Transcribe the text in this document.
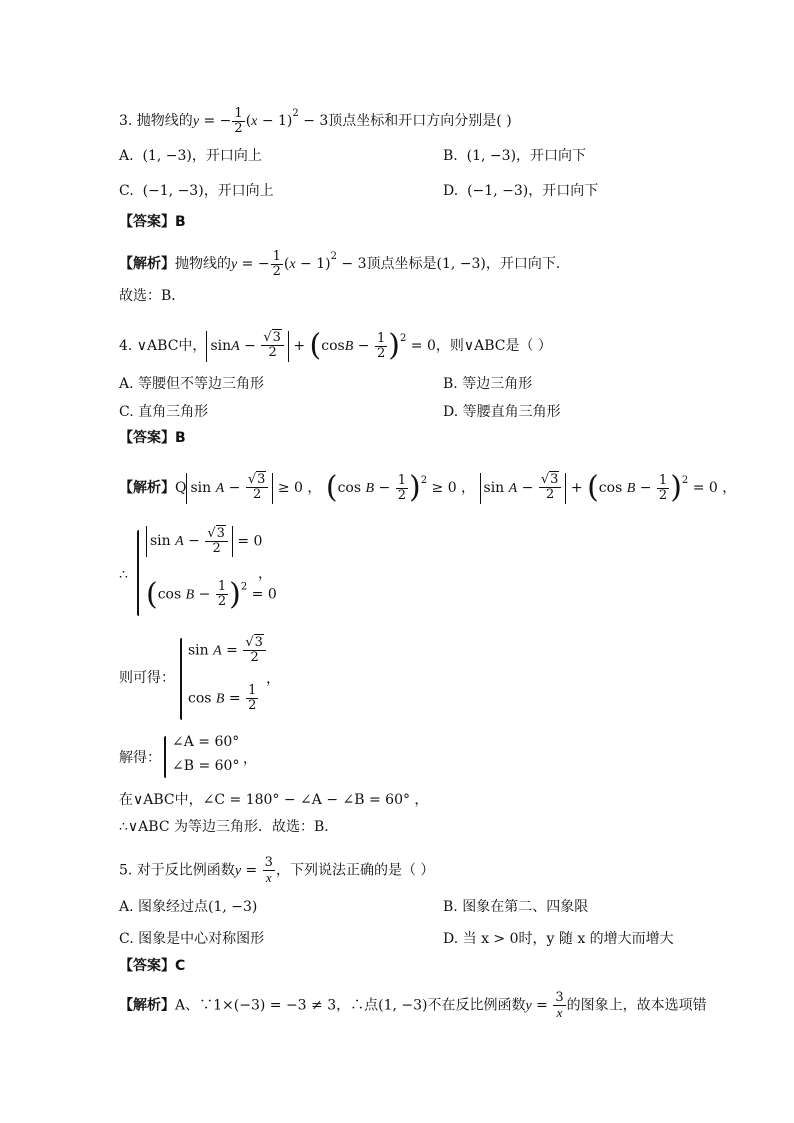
3. 抛物线的y = − $\frac{1}{2} (x - 1)^2 - 3$顶点坐标和开口方向分别是( )
A. (1, −3)，开口向上	B. (1, −3)，开口向下
C. (−1, −3)，开口向上	D. (−1, −3)，开口向下
【答案】B
【解析】抛物线的y = − $\frac{1}{2} (x - 1)^2 - 3$顶点坐标是(1, −3)，开口向下．
故选：B．
4. ∨ABC中， $\sin A - \frac{√3}{2} + (\cos B - \frac{1}{2} )^2 = 0$，则∨ABC是（ ）
A. 等腰但不等边三角形	B. 等边三角形
C. 直角三角形	D. 等腰直角三角形
【答案】B
【解析】Q $\sin A - \frac{√3}{2} \ge 0$ ， (cos $B - \frac{1}{2} )^2 \ge 0$ ， $\sin A - \frac{√3}{2} + (\cos$ $B - \frac{1}{2} )^2 = 0$ ，
∴
$\sin A - \frac{√3}{2} = 0$
(cos $B - \frac{1}{2} )^2 = 0$
，
则可得：
$\sin A = \frac{√3}{2}$
$\cos B = \frac{1}{2}$
，
解得：
∠A = 60°
∠B = 60° ，
在∨ABC中，∠C = 180° − ∠A − ∠B = 60° ，
∴∨ABC 为等边三角形．故选：B．
5. 对于反比例函数$y = \frac{3}{x}$ ，下列说法正确的是（ ）
A. 图象经过点(1, −3)	B. 图象在第二、四象限
C. 图象是中心对称图形	D. 当 x > 0时，y 随 x 的增大而增大
【答案】C
【解析】A、∵1×(−3) = −3 ≠ 3，∴点(1, −3)不在反比例函数$y = \frac{3}{x}$ 的图象上，故本选项错
